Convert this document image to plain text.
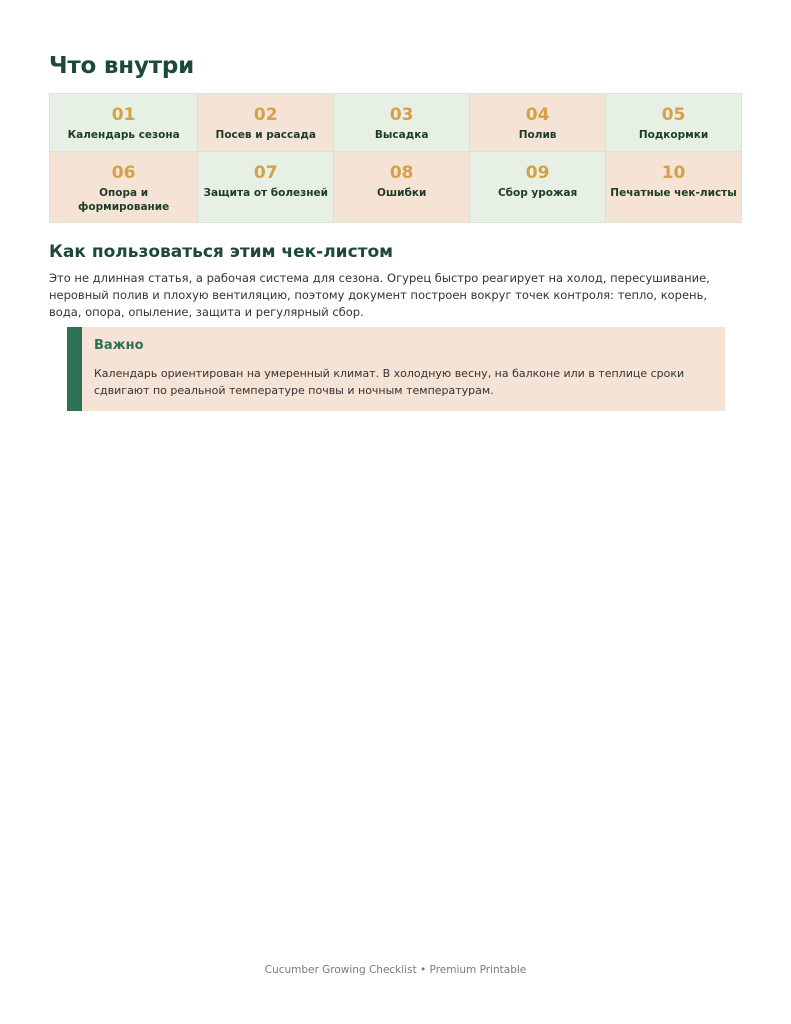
Что внутри
01
Календарь сезона
02
Посев и рассада
03
Высадка
04
Полив
05
Подкормки
06
Опора и формирование
07
Защита от болезней
08
Ошибки
09
Сбор урожая
10
Печатные чек-листы
Как пользоваться этим чек-листом

Это не длинная статья, а рабочая система для сезона. Огурец быстро реагирует на холод, пересушивание, неровный полив и плохую вентиляцию, поэтому документ построен вокруг точек контроля: тепло, корень, вода, опора, опыление, защита и регулярный сбор.

Важно
Календарь ориентирован на умеренный климат. В холодную весну, на балконе или в теплице сроки сдвигают по реальной температуре почвы и ночным температурам.
Cucumber Growing Checklist • Premium Printable
